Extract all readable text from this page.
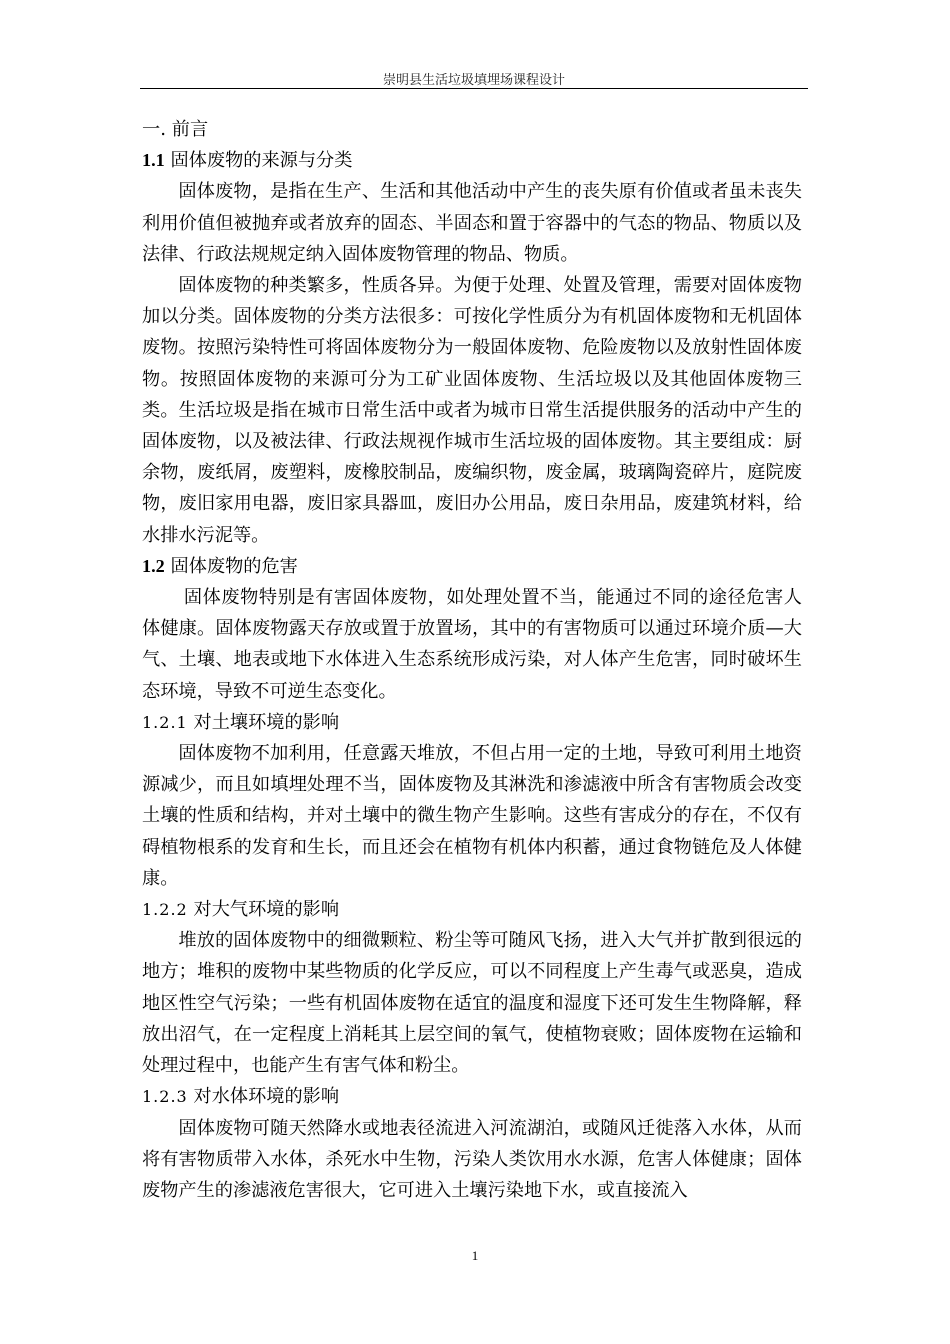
崇明县生活垃圾填埋场课程设计

一. 前言

1.1 固体废物的来源与分类

固体废物，是指在生产、生活和其他活动中产生的丧失原有价值或者虽未丧失利用价值但被抛弃或者放弃的固态、半固态和置于容器中的气态的物品、物质以及法律、行政法规规定纳入固体废物管理的物品、物质。

固体废物的种类繁多，性质各异。为便于处理、处置及管理，需要对固体废物加以分类。固体废物的分类方法很多：可按化学性质分为有机固体废物和无机固体废物。按照污染特性可将固体废物分为一般固体废物、危险废物以及放射性固体废物。按照固体废物的来源可分为工矿业固体废物、生活垃圾以及其他固体废物三类。生活垃圾是指在城市日常生活中或者为城市日常生活提供服务的活动中产生的固体废物，以及被法律、行政法规视作城市生活垃圾的固体废物。其主要组成：厨余物，废纸屑，废塑料，废橡胶制品，废编织物，废金属，玻璃陶瓷碎片，庭院废物，废旧家用电器，废旧家具器皿，废旧办公用品，废日杂用品，废建筑材料，给水排水污泥等。

1.2 固体废物的危害

固体废物特别是有害固体废物，如处理处置不当，能通过不同的途径危害人体健康。固体废物露天存放或置于放置场，其中的有害物质可以通过环境介质—大气、土壤、地表或地下水体进入生态系统形成污染，对人体产生危害，同时破坏生态环境，导致不可逆生态变化。

1.2.1 对土壤环境的影响

固体废物不加利用，任意露天堆放，不但占用一定的土地，导致可利用土地资源减少，而且如填埋处理不当，固体废物及其淋洗和渗滤液中所含有害物质会改变土壤的性质和结构，并对土壤中的微生物产生影响。这些有害成分的存在，不仅有碍植物根系的发育和生长，而且还会在植物有机体内积蓄，通过食物链危及人体健康。

1.2.2 对大气环境的影响

堆放的固体废物中的细微颗粒、粉尘等可随风飞扬，进入大气并扩散到很远的地方；堆积的废物中某些物质的化学反应，可以不同程度上产生毒气或恶臭，造成地区性空气污染；一些有机固体废物在适宜的温度和湿度下还可发生生物降解，释放出沼气，在一定程度上消耗其上层空间的氧气，使植物衰败；固体废物在运输和处理过程中，也能产生有害气体和粉尘。

1.2.3 对水体环境的影响

固体废物可随天然降水或地表径流进入河流湖泊，或随风迁徙落入水体，从而将有害物质带入水体，杀死水中生物，污染人类饮用水水源，危害人体健康；固体废物产生的渗滤液危害很大，它可进入土壤污染地下水，或直接流入

1
